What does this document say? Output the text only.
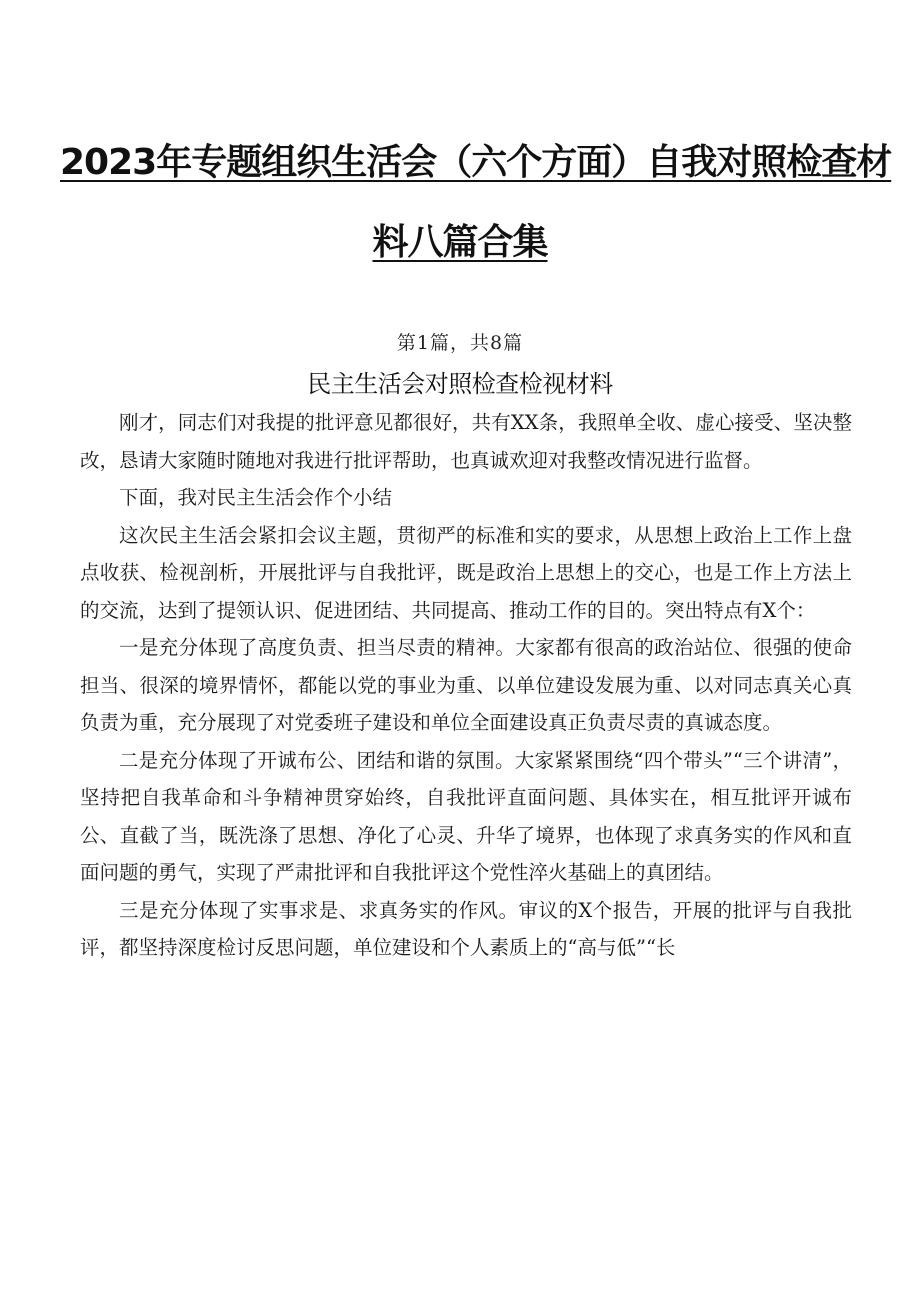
2023年专题组织生活会（六个方面）自我对照检查材
料八篇合集
第1篇，共8篇
民主生活会对照检查检视材料

刚才，同志们对我提的批评意见都很好，共有XX条，我照单全收、虚心接受、坚决整改，恳请大家随时随地对我进行批评帮助，也真诚欢迎对我整改情况进行监督。

下面，我对民主生活会作个小结

这次民主生活会紧扣会议主题，贯彻严的标准和实的要求，从思想上政治上工作上盘点收获、检视剖析，开展批评与自我批评，既是政治上思想上的交心，也是工作上方法上的交流，达到了提领认识、促进团结、共同提高、推动工作的目的。突出特点有X个：

一是充分体现了高度负责、担当尽责的精神。大家都有很高的政治站位、很强的使命担当、很深的境界情怀，都能以党的事业为重、以单位建设发展为重、以对同志真关心真负责为重，充分展现了对党委班子建设和单位全面建设真正负责尽责的真诚态度。

二是充分体现了开诚布公、团结和谐的氛围。大家紧紧围绕“四个带头”“三个讲清”，坚持把自我革命和斗争精神贯穿始终，自我批评直面问题、具体实在，相互批评开诚布公、直截了当，既洗涤了思想、净化了心灵、升华了境界，也体现了求真务实的作风和直面问题的勇气，实现了严肃批评和自我批评这个党性淬火基础上的真团结。

三是充分体现了实事求是、求真务实的作风。审议的X个报告，开展的批评与自我批评，都坚持深度检讨反思问题，单位建设和个人素质上的“高与低”“长
